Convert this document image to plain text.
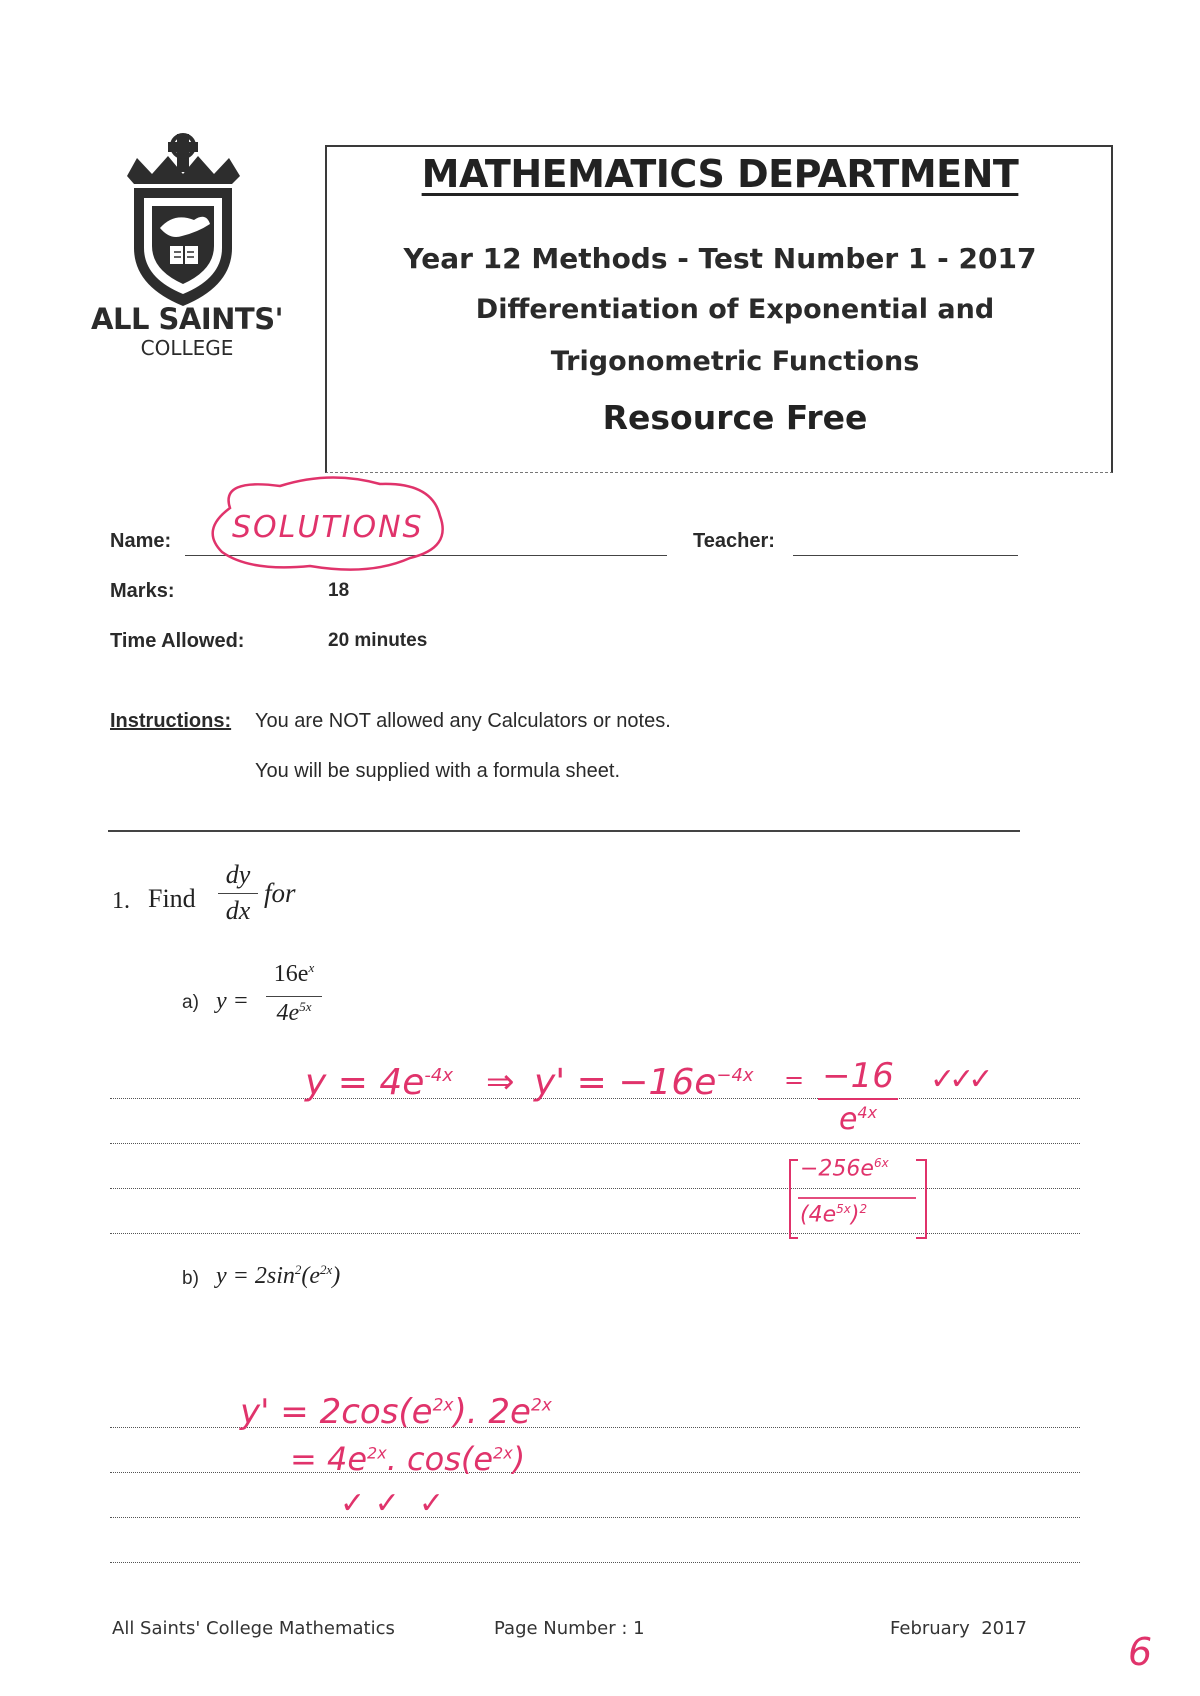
ALL SAINTS'
COLLEGE
MATHEMATICS DEPARTMENT
Year 12 Methods - Test Number 1 - 2017
Differentiation of Exponential and
Trigonometric Functions
Resource Free
Name: SOLUTIONS	Teacher:
Marks:	18
Time Allowed:	20 minutes
Instructions: You are NOT allowed any Calculators or notes.
You will be supplied with a formula sheet.
1. Find
dy
dx
for
a) y =
$16e^x$
$4e^{5x}$
$y = 4e^{-4x}$ ⇒ $y' = -16e^{-4x} = -16$
$e^{4x}$
✓✓✓
$-256e^{6x}$
$(4e^{5x})^2$
b) $y = 2\sin^2(e^{2x})$
$y' = 2\cos(e^{2x})$. $2e^{2x}$
= $4e^{2x}$. $\cos(e^{2x})$
✓ ✓  ✓
All Saints' College Mathematics	Page Number : 1	February  2017
6
